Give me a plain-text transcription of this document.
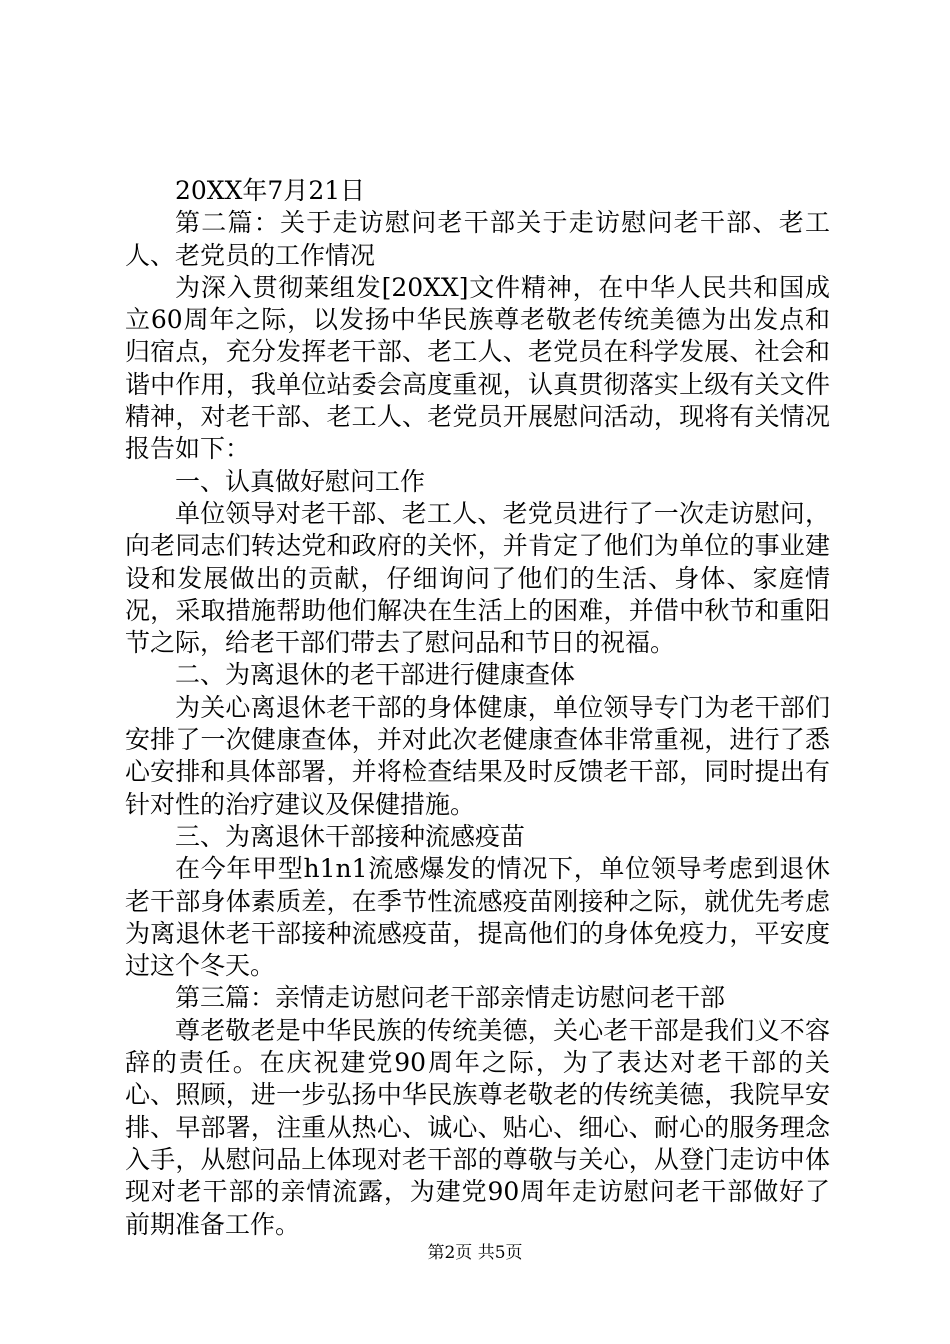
20XX年7月21日

第二篇：关于走访慰问老干部关于走访慰问老干部、老工人、老党员的工作情况

为深入贯彻莱组发[20XX]文件精神，在中华人民共和国成立60周年之际，以发扬中华民族尊老敬老传统美德为出发点和归宿点，充分发挥老干部、老工人、老党员在科学发展、社会和谐中作用，我单位站委会高度重视，认真贯彻落实上级有关文件精神，对老干部、老工人、老党员开展慰问活动，现将有关情况报告如下：

一、认真做好慰问工作

单位领导对老干部、老工人、老党员进行了一次走访慰问，向老同志们转达党和政府的关怀，并肯定了他们为单位的事业建设和发展做出的贡献，仔细询问了他们的生活、身体、家庭情况，采取措施帮助他们解决在生活上的困难，并借中秋节和重阳节之际，给老干部们带去了慰问品和节日的祝福。

二、为离退休的老干部进行健康查体

为关心离退休老干部的身体健康，单位领导专门为老干部们安排了一次健康查体，并对此次老健康查体非常重视，进行了悉心安排和具体部署，并将检查结果及时反馈老干部，同时提出有针对性的治疗建议及保健措施。

三、为离退休干部接种流感疫苗

在今年甲型h1n1流感爆发的情况下，单位领导考虑到退休老干部身体素质差，在季节性流感疫苗刚接种之际，就优先考虑为离退休老干部接种流感疫苗，提高他们的身体免疫力，平安度过这个冬天。

第三篇：亲情走访慰问老干部亲情走访慰问老干部

尊老敬老是中华民族的传统美德，关心老干部是我们义不容辞的责任。在庆祝建党90周年之际，为了表达对老干部的关心、照顾，进一步弘扬中华民族尊老敬老的传统美德，我院早安排、早部署，注重从热心、诚心、贴心、细心、耐心的服务理念入手，从慰问品上体现对老干部的尊敬与关心，从登门走访中体现对老干部的亲情流露，为建党90周年走访慰问老干部做好了前期准备工作。

第2页 共5页
